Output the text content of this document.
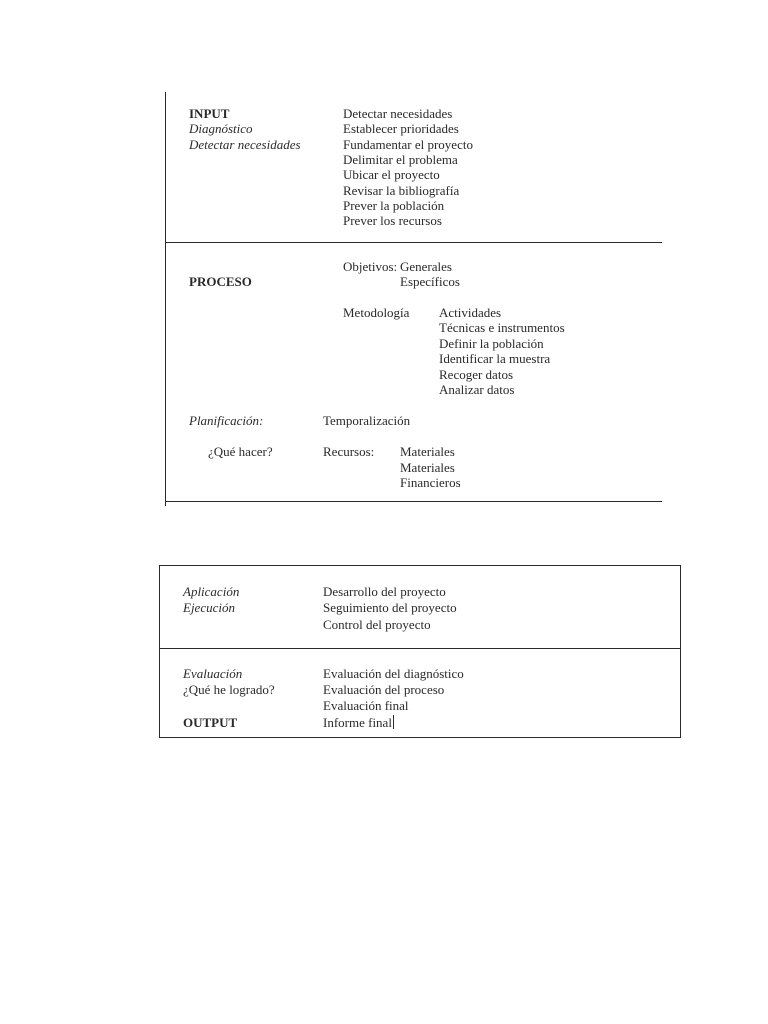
INPUT
Diagnóstico
Detectar necesidades
Detectar necesidades
Establecer prioridades
Fundamentar el proyecto
Delimitar el problema
Ubicar el proyecto
Revisar la bibliografía
Prever la población
Prever los recursos
PROCESO
Objetivos: Generales
Específicos
Metodología Actividades
Técnicas e instrumentos
Definir la población
Identificar la muestra
Recoger datos
Analizar datos
Planificación:	Temporalización
¿Qué hacer?	Recursos: Materiales
Materiales
Financieros
Aplicación
Ejecución
Desarrollo del proyecto
Seguimiento del proyecto
Control del proyecto
Evaluación
¿Qué he logrado?
OUTPUT
Evaluación del diagnóstico
Evaluación del proceso
Evaluación final
Informe final
